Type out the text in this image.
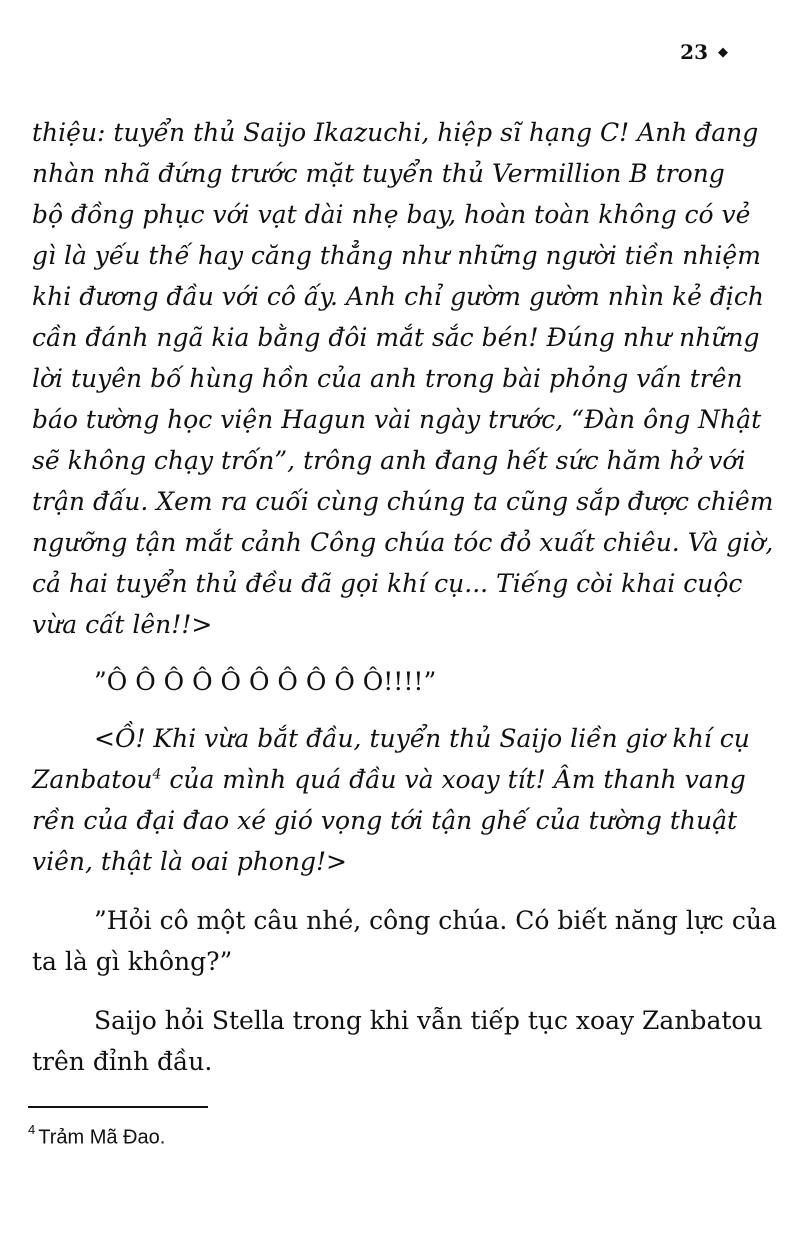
23 ◆
thiệu: tuyển thủ Saijo Ikazuchi, hiệp sĩ hạng C! Anh đang
nhàn nhã đứng trước mặt tuyển thủ Vermillion B trong
bộ đồng phục với vạt dài nhẹ bay, hoàn toàn không có vẻ
gì là yếu thế hay căng thẳng như những người tiền nhiệm
khi đương đầu với cô ấy. Anh chỉ gườm gườm nhìn kẻ địch
cần đánh ngã kia bằng đôi mắt sắc bén! Đúng như những
lời tuyên bố hùng hồn của anh trong bài phỏng vấn trên
báo tường học viện Hagun vài ngày trước, “Đàn ông Nhật
sẽ không chạy trốn”, trông anh đang hết sức hăm hở với
trận đấu. Xem ra cuối cùng chúng ta cũng sắp được chiêm
ngưỡng tận mắt cảnh Công chúa tóc đỏ xuất chiêu. Và giờ,
cả hai tuyển thủ đều đã gọi khí cụ... Tiếng còi khai cuộc
vừa cất lên!!>
”Ô Ô Ô Ô Ô Ô Ô Ô Ô Ô!!!!”
<Ồ! Khi vừa bắt đầu, tuyển thủ Saijo liền giơ khí cụ
Zanbatou$^4$ của mình quá đầu và xoay tít! Âm thanh vang
rền của đại đao xé gió vọng tới tận ghế của tường thuật
viên, thật là oai phong!>
”Hỏi cô một câu nhé, công chúa. Có biết năng lực của
ta là gì không?”
Saijo hỏi Stella trong khi vẫn tiếp tục xoay Zanbatou
trên đỉnh đầu.
$^4$ Trảm Mã Đao.
